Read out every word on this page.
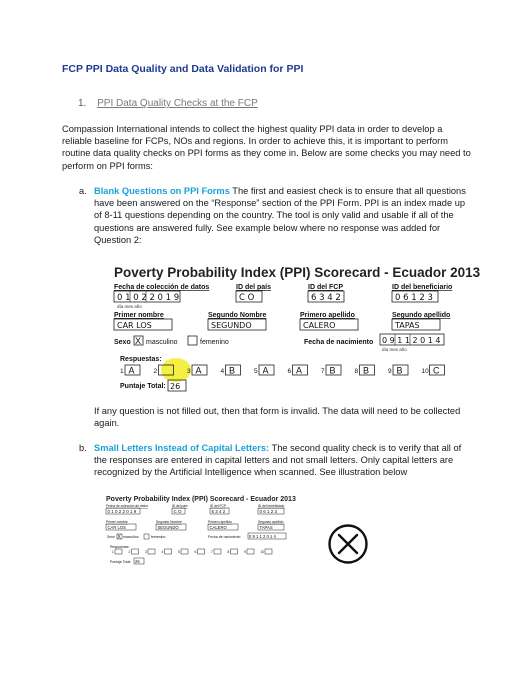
FCP PPI Data Quality and Data Validation for PPI
1. PPI Data Quality Checks at the FCP
Compassion International intends to collect the highest quality PPI data in order to develop a reliable baseline for FCPs, NOs and regions. In order to achieve this, it is important to perform routine data quality checks on PPI forms as they come in. Below are some checks you may need to perform on PPI forms:
a. Blank Questions on PPI Forms The first and easiest check is to ensure that all questions have been answered on the “Response” section of the PPI Form. PPI is an index made up of 8-11 questions depending on the country. The tool is only valid and usable if all of the questions are answered fully. See example below where no response was added for Question 2:
Poverty Probability Index (PPI) Scorecard - Ecuador 2013
Fecha de colección de datos
0 1 0 2 2 0 1 9
día mes año
ID del país
C O
ID del FCP
6 3 4 2
ID del beneficiario
0 6 1 2 3
Primer nombre
CAR LOS
Segundo Nombre
SEGUNDO
Primero apellido
CALERO
Segundo apellido
TAPAS
Sexo X masculino	femenino	Fecha de nacimiento 0 9 1 1 2 0 1 4
día mes año
Respuestas:
1 A	2	3 A	4 B	5 A	6 A	7 B	8 B	9 B	10 C
Puntaje Total: 26
If any question is not filled out, then that form is invalid. The data will need to be collected again.
b. Small Letters Instead of Capital Letters: The second quality check is to verify that all of the responses are entered in capital letters and not small letters. Only capital letters are recognized by the Artificial Intelligence when scanned. See illustration below
Poverty Probability Index (PPI) Scorecard - Ecuador 2013
Fecha de colección de datos
0 1 0 2 2 0 1 9
ID del país
C O
ID del FCP
6 3 4 2
ID del beneficiario
0 6 1 2 3
Primer nombre
CAR LOS
Segundo Nombre
SEGUNDO
Primero apellido
CALERO
Segundo apellido
TAPAS
Sexo X masculino	femenino	Fecha de nacimiento 0 9 1 1 2 0 1 4
Respuestas:
1	2	3	4	5	6	7	8	9	10
Puntaje Total: 26
